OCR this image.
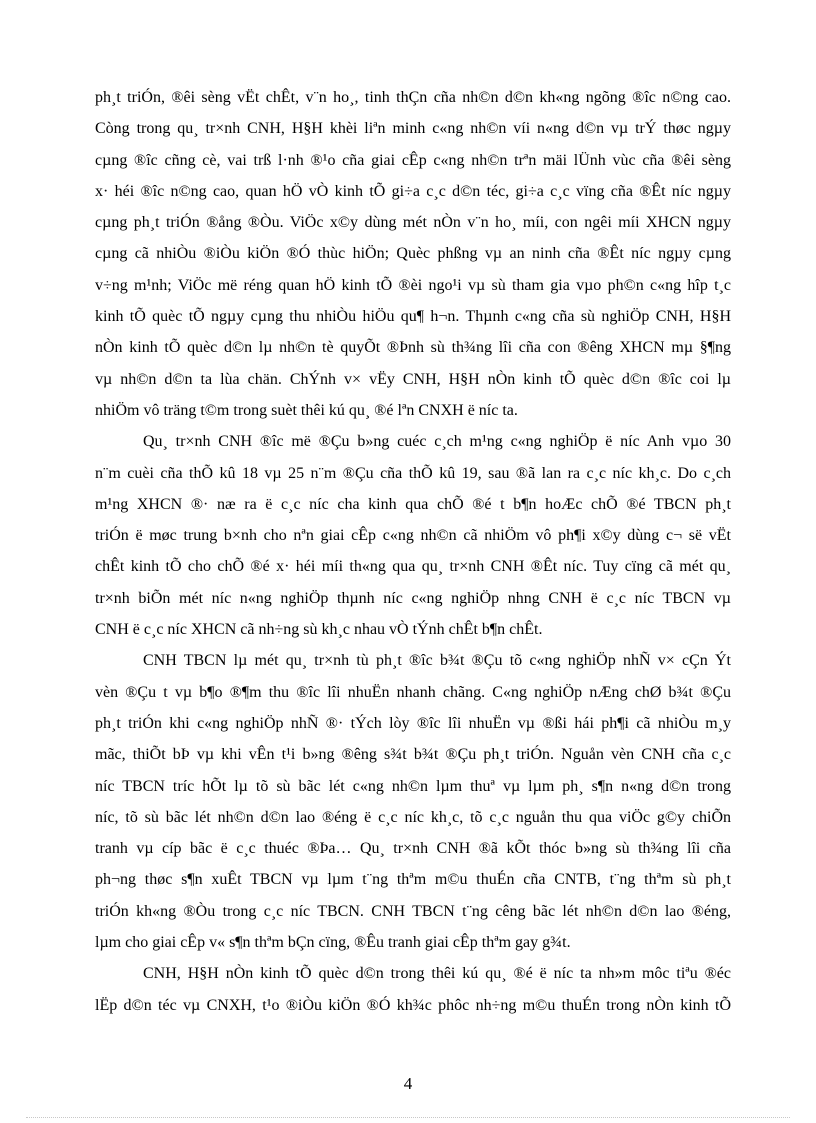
ph¸t triÓn, ®êi sèng vËt chÊt, v¨n ho¸, tinh thÇn cña nh©n d©n kh«ng ngõng ®îc n©ng cao.
Còng trong qu¸ tr×nh CNH, H§H khèi liªn minh c«ng nh©n víi n«ng d©n vµ trÝ thøc ngµy
cµng ®îc cñng cè, vai trß l·nh ®¹o cña giai cÊp c«ng nh©n trªn mäi lÜnh vùc cña ®êi sèng
x· héi ®îc n©ng cao, quan hÖ vÒ kinh tÕ gi÷a c¸c d©n téc, gi÷a c¸c vïng cña ®Êt níc ngµy
cµng ph¸t triÓn ®ång ®Òu. ViÖc x©y dùng mét nÒn v¨n ho¸ míi, con ngêi míi XHCN ngµy
cµng cã nhiÒu ®iÒu kiÖn ®Ó thùc hiÖn; Quèc phßng vµ an ninh cña ®Êt níc ngµy cµng
v÷ng m¹nh; ViÖc më réng quan hÖ kinh tÕ ®èi ngo¹i vµ sù tham gia vµo ph©n c«ng hîp t¸c
kinh tÕ quèc tÕ ngµy cµng thu nhiÒu hiÖu qu¶ h¬n. Thµnh c«ng cña sù nghiÖp CNH, H§H
nÒn kinh tÕ quèc d©n lµ nh©n tè quyÕt ®Þnh sù th¾ng lîi cña con ®êng XHCN mµ §¶ng
vµ nh©n d©n ta lùa chän. ChÝnh v× vËy CNH, H§H nÒn kinh tÕ quèc d©n ®îc coi lµ
nhiÖm vô träng t©m trong suèt thêi kú qu¸ ®é lªn CNXH ë níc ta.
Qu¸ tr×nh CNH ®îc më ®Çu b»ng cuéc c¸ch m¹ng c«ng nghiÖp ë níc Anh vµo 30
n¨m cuèi cña thÕ kû 18 vµ 25 n¨m ®Çu cña thÕ kû 19, sau ®ã lan ra c¸c níc kh¸c. Do c¸ch
m¹ng XHCN ®· næ ra ë c¸c níc cha kinh qua chÕ ®é t b¶n hoÆc chÕ ®é TBCN ph¸t
triÓn ë møc trung b×nh cho nªn giai cÊp c«ng nh©n cã nhiÖm vô ph¶i x©y dùng c¬ së vËt
chÊt kinh tÕ cho chÕ ®é x· héi míi th«ng qua qu¸ tr×nh CNH ®Êt níc. Tuy cïng cã mét qu¸
tr×nh biÕn mét níc n«ng nghiÖp thµnh níc c«ng nghiÖp nhng CNH ë c¸c níc TBCN vµ
CNH ë c¸c níc XHCN cã nh÷ng sù kh¸c nhau vÒ tÝnh chÊt b¶n chÊt.
CNH TBCN lµ mét qu¸ tr×nh tù ph¸t ®îc b¾t ®Çu tõ c«ng nghiÖp nhÑ v× cÇn Ýt
vèn ®Çu t vµ b¶o ®¶m thu ®îc lîi nhuËn nhanh chãng. C«ng nghiÖp nÆng chØ b¾t ®Çu
ph¸t triÓn khi c«ng nghiÖp nhÑ ®· tÝch lòy ®îc lîi nhuËn vµ ®ßi hái ph¶i cã nhiÒu m¸y
mãc, thiÕt bÞ vµ khi vÊn t¹i b»ng ®êng s¾t b¾t ®Çu ph¸t triÓn. Nguån vèn CNH cña c¸c
níc TBCN tríc hÕt lµ tõ sù bãc lét c«ng nh©n lµm thuª vµ lµm ph¸ s¶n n«ng d©n trong
níc, tõ sù bãc lét nh©n d©n lao ®éng ë c¸c níc kh¸c, tõ c¸c nguån thu qua viÖc g©y chiÕn
tranh vµ cíp bãc ë c¸c thuéc ®Þa… Qu¸ tr×nh CNH ®ã kÕt thóc b»ng sù th¾ng lîi cña
ph¬ng thøc s¶n xuÊt TBCN vµ lµm t¨ng thªm m©u thuÉn cña CNTB, t¨ng thªm sù ph¸t
triÓn kh«ng ®Òu trong c¸c níc TBCN. CNH TBCN t¨ng cêng bãc lét nh©n d©n lao ®éng,
lµm cho giai cÊp v« s¶n thªm bÇn cïng, ®Êu tranh giai cÊp thªm gay g¾t.
CNH, H§H nÒn kinh tÕ quèc d©n trong thêi kú qu¸ ®é ë níc ta nh»m môc tiªu ®éc
lËp d©n téc vµ CNXH, t¹o ®iÒu kiÖn ®Ó kh¾c phôc nh÷ng m©u thuÉn trong nÒn kinh tÕ
4
